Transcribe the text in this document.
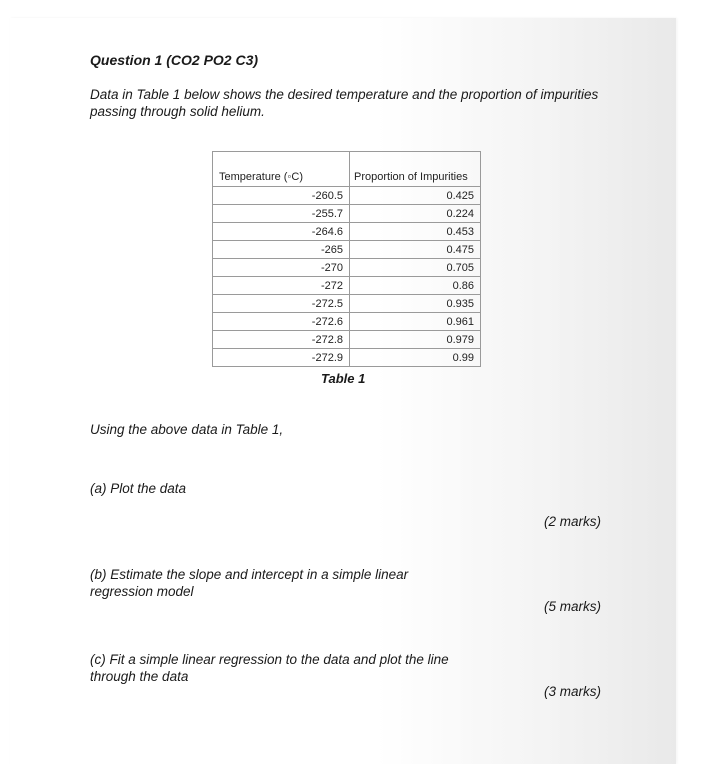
Question 1 (CO2 PO2 C3)
Data in Table 1 below shows the desired temperature and the proportion of impurities passing through solid helium.
Temperature (◦C)	Proportion of Impurities
-260.5	0.425
-255.7	0.224
-264.6	0.453
-265	0.475
-270	0.705
-272	0.86
-272.5	0.935
-272.6	0.961
-272.8	0.979
-272.9	0.99
Table 1
Using the above data in Table 1,
(a) Plot the data
(2 marks)
(b) Estimate the slope and intercept in a simple linear regression model
(5 marks)
(c) Fit a simple linear regression to the data and plot the line through the data
(3 marks)
